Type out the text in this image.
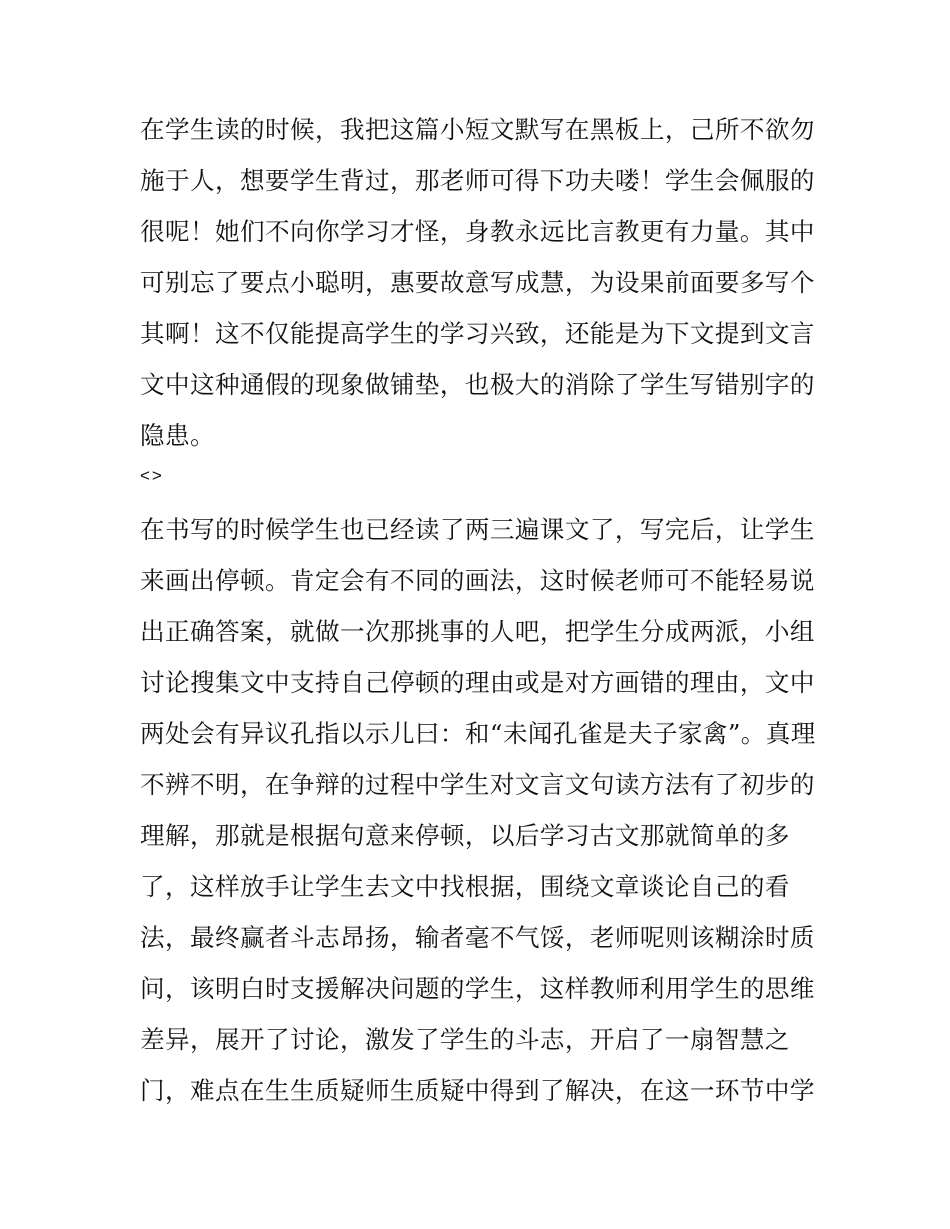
在学生读的时候，我把这篇小短文默写在黑板上，己所不欲勿
施于人，想要学生背过，那老师可得下功夫喽！学生会佩服的
很呢！她们不向你学习才怪，身教永远比言教更有力量。其中
可别忘了要点小聪明，惠要故意写成慧，为设果前面要多写个
其啊！这不仅能提高学生的学习兴致，还能是为下文提到文言
文中这种通假的现象做铺垫，也极大的消除了学生写错别字的
隐患。
<>
在书写的时候学生也已经读了两三遍课文了，写完后，让学生
来画出停顿。肯定会有不同的画法，这时候老师可不能轻易说
出正确答案，就做一次那挑事的人吧，把学生分成两派，小组
讨论搜集文中支持自己停顿的理由或是对方画错的理由，文中
两处会有异议孔指以示儿曰：和“未闻孔雀是夫子家禽”。真理
不辨不明，在争辩的过程中学生对文言文句读方法有了初步的
理解，那就是根据句意来停顿，以后学习古文那就简单的多
了，这样放手让学生去文中找根据，围绕文章谈论自己的看
法，最终赢者斗志昂扬，输者毫不气馁，老师呢则该糊涂时质
问，该明白时支援解决问题的学生，这样教师利用学生的思维
差异，展开了讨论，激发了学生的斗志，开启了一扇智慧之
门，难点在生生质疑师生质疑中得到了解决，在这一环节中学
